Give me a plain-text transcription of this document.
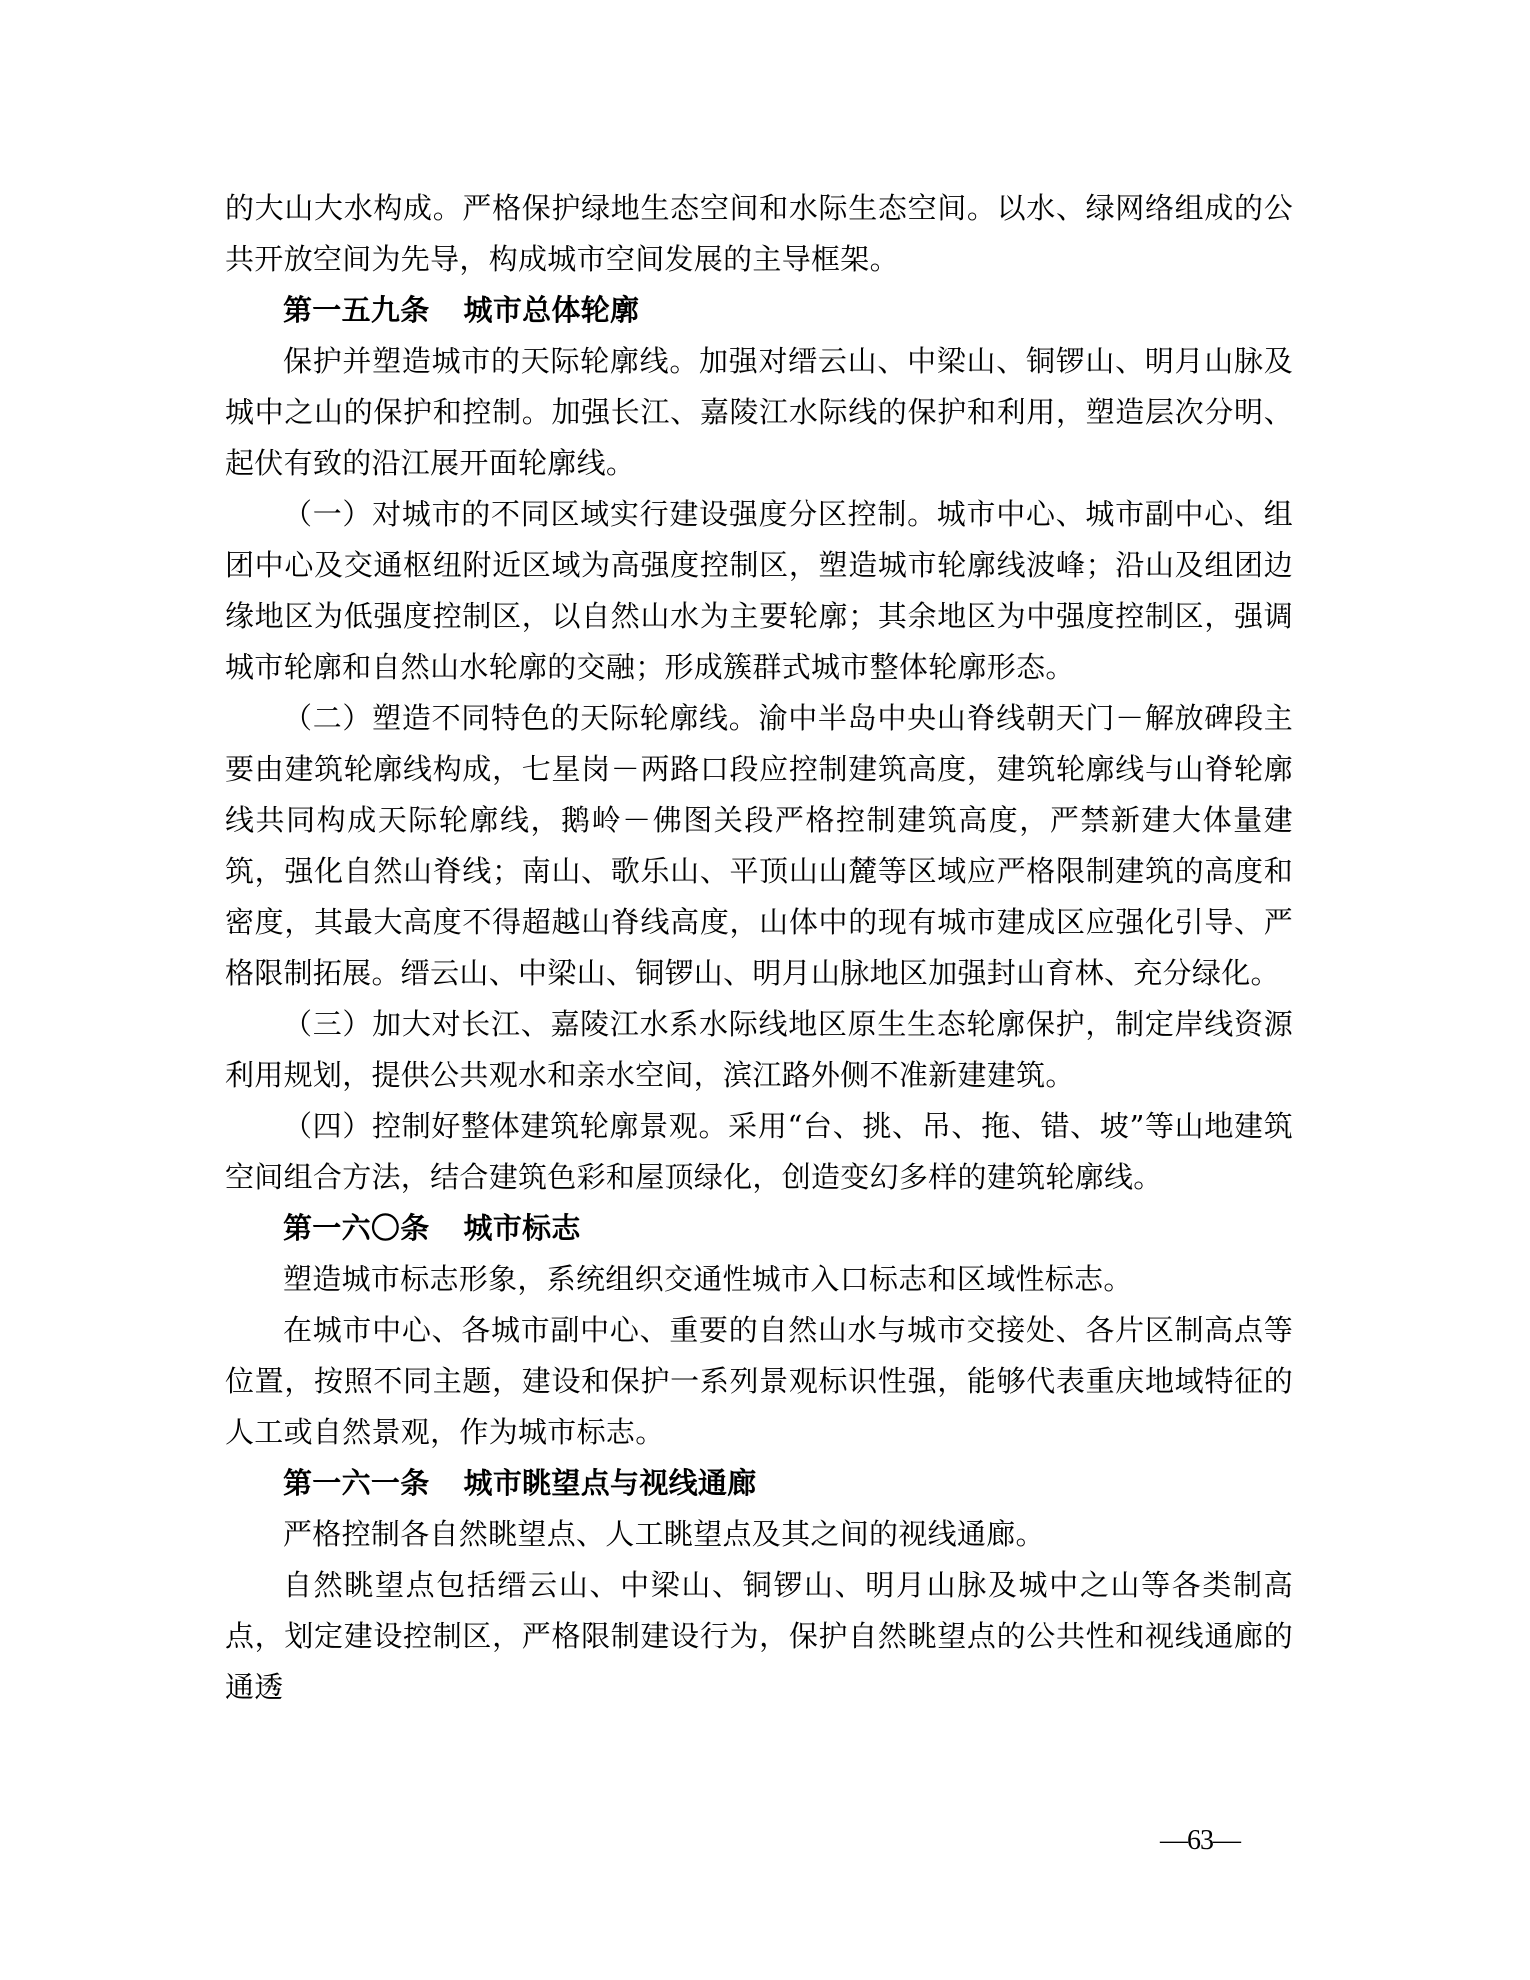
的大山大水构成。严格保护绿地生态空间和水际生态空间。以水、绿网络组成的公共开放空间为先导，构成城市空间发展的主导框架。

第一五九条 城市总体轮廓

保护并塑造城市的天际轮廓线。加强对缙云山、中梁山、铜锣山、明月山脉及城中之山的保护和控制。加强长江、嘉陵江水际线的保护和利用，塑造层次分明、起伏有致的沿江展开面轮廓线。

（一）对城市的不同区域实行建设强度分区控制。城市中心、城市副中心、组团中心及交通枢纽附近区域为高强度控制区，塑造城市轮廓线波峰；沿山及组团边缘地区为低强度控制区，以自然山水为主要轮廓；其余地区为中强度控制区，强调城市轮廓和自然山水轮廓的交融；形成簇群式城市整体轮廓形态。

（二）塑造不同特色的天际轮廓线。渝中半岛中央山脊线朝天门－解放碑段主要由建筑轮廓线构成，七星岗－两路口段应控制建筑高度，建筑轮廓线与山脊轮廓线共同构成天际轮廓线，鹅岭－佛图关段严格控制建筑高度，严禁新建大体量建筑，强化自然山脊线；南山、歌乐山、平顶山山麓等区域应严格限制建筑的高度和密度，其最大高度不得超越山脊线高度，山体中的现有城市建成区应强化引导、严格限制拓展。缙云山、中梁山、铜锣山、明月山脉地区加强封山育林、充分绿化。

（三）加大对长江、嘉陵江水系水际线地区原生生态轮廓保护，制定岸线资源利用规划，提供公共观水和亲水空间，滨江路外侧不准新建建筑。

（四）控制好整体建筑轮廓景观。采用“台、挑、吊、拖、错、坡”等山地建筑空间组合方法，结合建筑色彩和屋顶绿化，创造变幻多样的建筑轮廓线。

第一六〇条 城市标志

塑造城市标志形象，系统组织交通性城市入口标志和区域性标志。

在城市中心、各城市副中心、重要的自然山水与城市交接处、各片区制高点等位置，按照不同主题，建设和保护一系列景观标识性强，能够代表重庆地域特征的人工或自然景观，作为城市标志。

第一六一条 城市眺望点与视线通廊

严格控制各自然眺望点、人工眺望点及其之间的视线通廊。

自然眺望点包括缙云山、中梁山、铜锣山、明月山脉及城中之山等各类制高点，划定建设控制区，严格限制建设行为，保护自然眺望点的公共性和视线通廊的通透

—63—
